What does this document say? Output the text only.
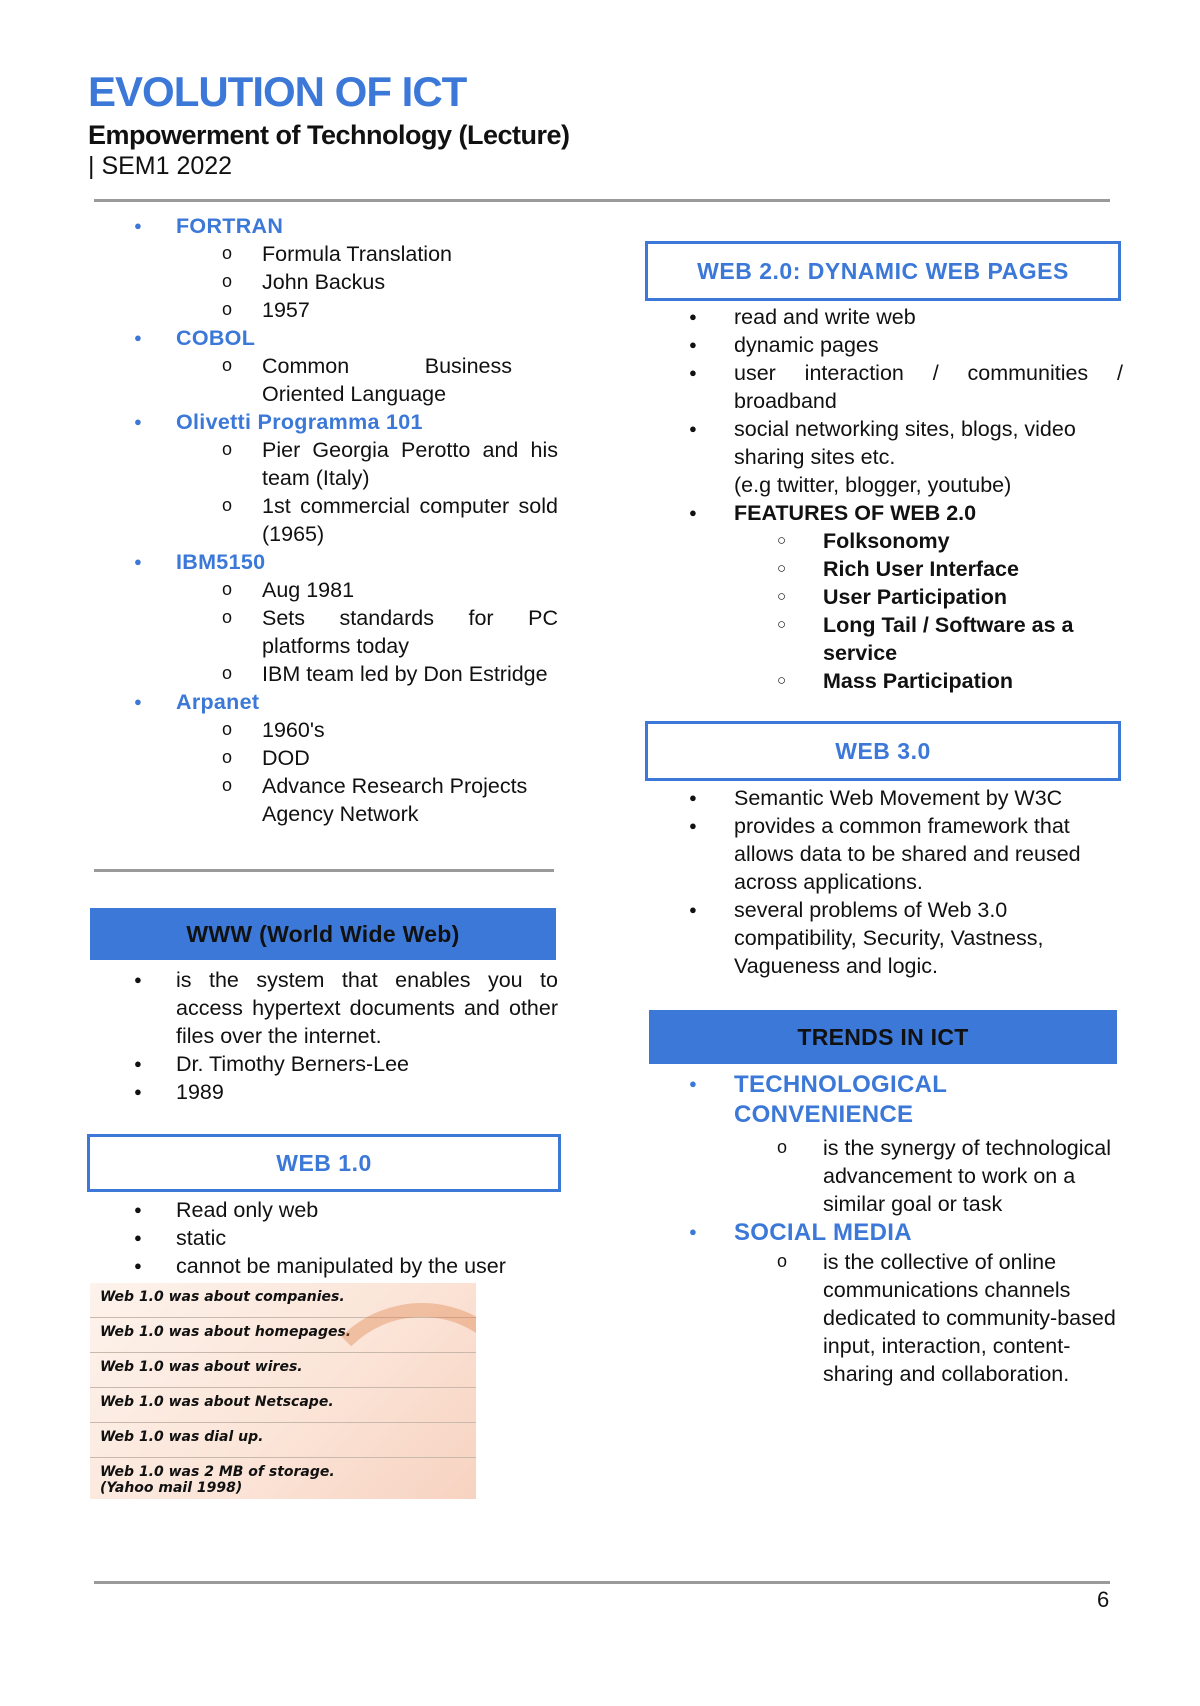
EVOLUTION OF ICT
Empowerment of Technology (Lecture)
| SEM1 2022
● FORTRAN
o Formula Translation
o John Backus
o 1957
● COBOL
o Common Business Oriented Language
● Olivetti Programma 101
o Pier Georgia Perotto and his team (Italy)
o 1st commercial computer sold (1965)
● IBM5150
o Aug 1981
o Sets standards for PC platforms today
o IBM team led by Don Estridge
● Arpanet
o 1960's
o DOD
o Advance Research Projects Agency Network
WWW (World Wide Web)
● is the system that enables you to access hypertext documents and other files over the internet.
● Dr. Timothy Berners-Lee
● 1989
WEB 1.0
● Read only web
● static
● cannot be manipulated by the user
Web 1.0 was about companies.
Web 1.0 was about homepages.
Web 1.0 was about wires.
Web 1.0 was about Netscape.
Web 1.0 was dial up.
Web 1.0 was 2 MB of storage.
(Yahoo mail 1998)
WEB 2.0: DYNAMIC WEB PAGES
● read and write web
● dynamic pages
● user interaction / communities / broadband
● social networking sites, blogs, video sharing sites etc.
(e.g twitter, blogger, youtube)
● FEATURES OF WEB 2.0
○ Folksonomy
○ Rich User Interface
○ User Participation
○ Long Tail / Software as a service
○ Mass Participation
WEB 3.0
● Semantic Web Movement by W3C
● provides a common framework that allows data to be shared and reused across applications.
● several problems of Web 3.0
compatibility, Security, Vastness, Vagueness and logic.
TRENDS IN ICT
● TECHNOLOGICAL CONVENIENCE
o is the synergy of technological advancement to work on a similar goal or task
● SOCIAL MEDIA
o is the collective of online communications channels dedicated to community-based input, interaction, content- sharing and collaboration.
6
